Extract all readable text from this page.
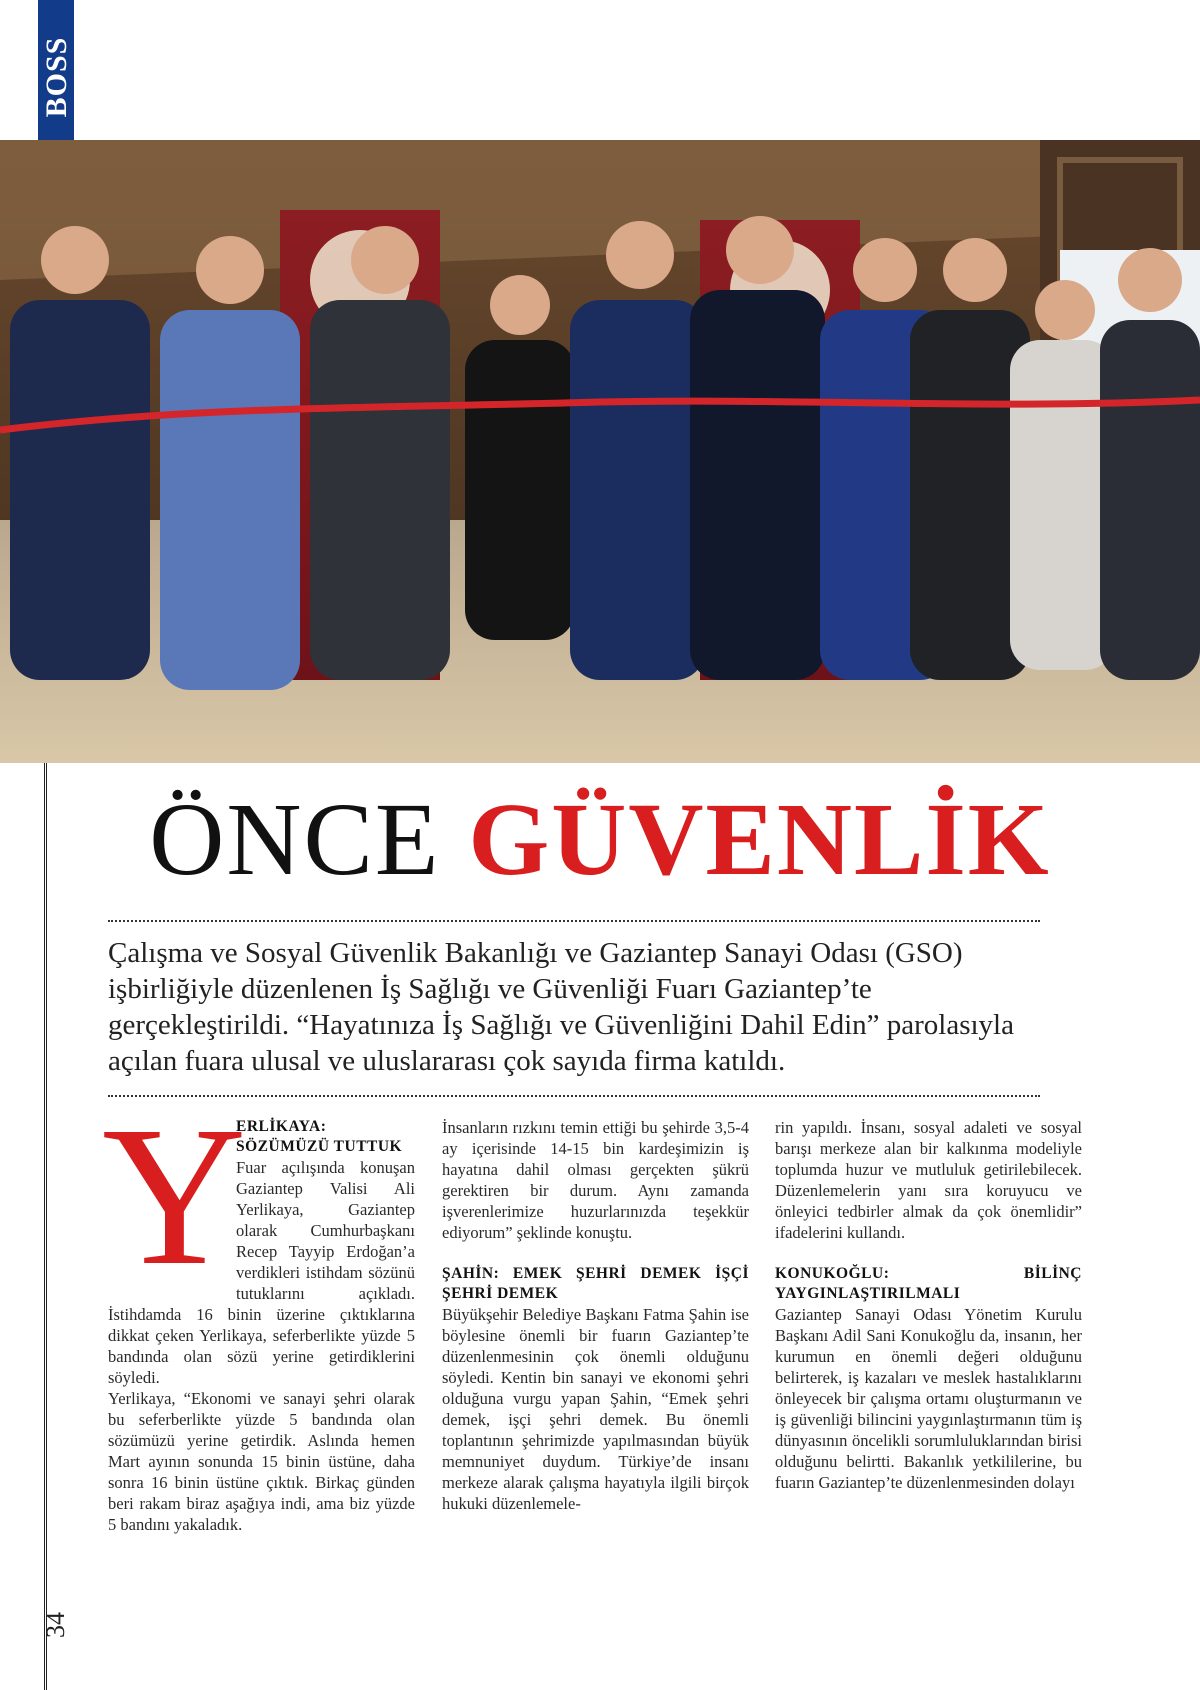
BOSS
34
ÖNCE GÜVENLİK
Çalışma ve Sosyal Güvenlik Bakanlığı ve Gaziantep Sanayi Odası (GSO) işbirliğiyle düzenlenen İş Sağlığı ve Güvenliği Fuarı Gaziantep’te gerçekleştirildi. “Hayatınıza İş Sağlığı ve Güvenliğini Dahil Edin” parolasıyla açılan fuara ulusal ve uluslararası çok sayıda firma katıldı.
Y
ERLİKAYA:
SÖZÜMÜZÜ TUTTUK

Fuar açılışında konuşan Gaziantep Valisi Ali Yerlikaya, Gaziantep olarak Cumhurbaşkanı Recep Tayyip Erdoğan’a verdikleri istihdam sözünü tutuklarını açıkladı. İstihdamda 16 binin üzerine çıktıklarına dikkat çeken Yerlikaya, seferberlikte yüzde 5 bandında olan sözü yerine getirdiklerini söyledi.

Yerlikaya, “Ekonomi ve sanayi şehri olarak bu seferberlikte yüzde 5 bandında olan sözümüzü yerine getirdik. Aslında hemen Mart ayının sonunda 15 binin üstüne, daha sonra 16 binin üstüne çıktık. Birkaç günden beri rakam biraz aşağıya indi, ama biz yüzde 5 bandını yakaladık.

İnsanların rızkını temin ettiği bu şehirde 3,5-4 ay içerisinde 14-15 bin kardeşimizin iş hayatına dahil olması gerçekten şükrü gerektiren bir durum. Aynı zamanda işverenlerimize huzurlarınızda teşekkür ediyorum” şeklinde konuştu.

ŞAHİN: EMEK ŞEHRİ DEMEK İŞÇİ ŞEHRİ DEMEK

Büyükşehir Belediye Başkanı Fatma Şahin ise böylesine önemli bir fuarın Gaziantep’te düzenlenmesinin çok önemli olduğunu söyledi. Kentin bin sanayi ve ekonomi şehri olduğuna vurgu yapan Şahin, “Emek şehri demek, işçi şehri demek. Bu önemli toplantının şehrimizde yapılmasından büyük memnuniyet duydum. Türkiye’de insanı merkeze alarak çalışma hayatıyla ilgili birçok hukuki düzenlemele-

rin yapıldı. İnsanı, sosyal adaleti ve sosyal barışı merkeze alan bir kalkınma modeliyle toplumda huzur ve mutluluk getirilebilecek. Düzenlemelerin yanı sıra koruyucu ve önleyici tedbirler almak da çok önemlidir” ifadelerini kullandı.

KONUKOĞLU: BİLİNÇ YAYGINLAŞTIRILMALI

Gaziantep Sanayi Odası Yönetim Kurulu Başkanı Adil Sani Konukoğlu da, insanın, her kurumun en önemli değeri olduğunu belirterek, iş kazaları ve meslek hastalıklarını önleyecek bir çalışma ortamı oluşturmanın ve iş güvenliği bilincini yaygınlaştırmanın tüm iş dünyasının öncelikli sorumluluklarından birisi olduğunu belirtti. Bakanlık yetkililerine, bu fuarın Gaziantep’te düzenlenmesinden dolayı
